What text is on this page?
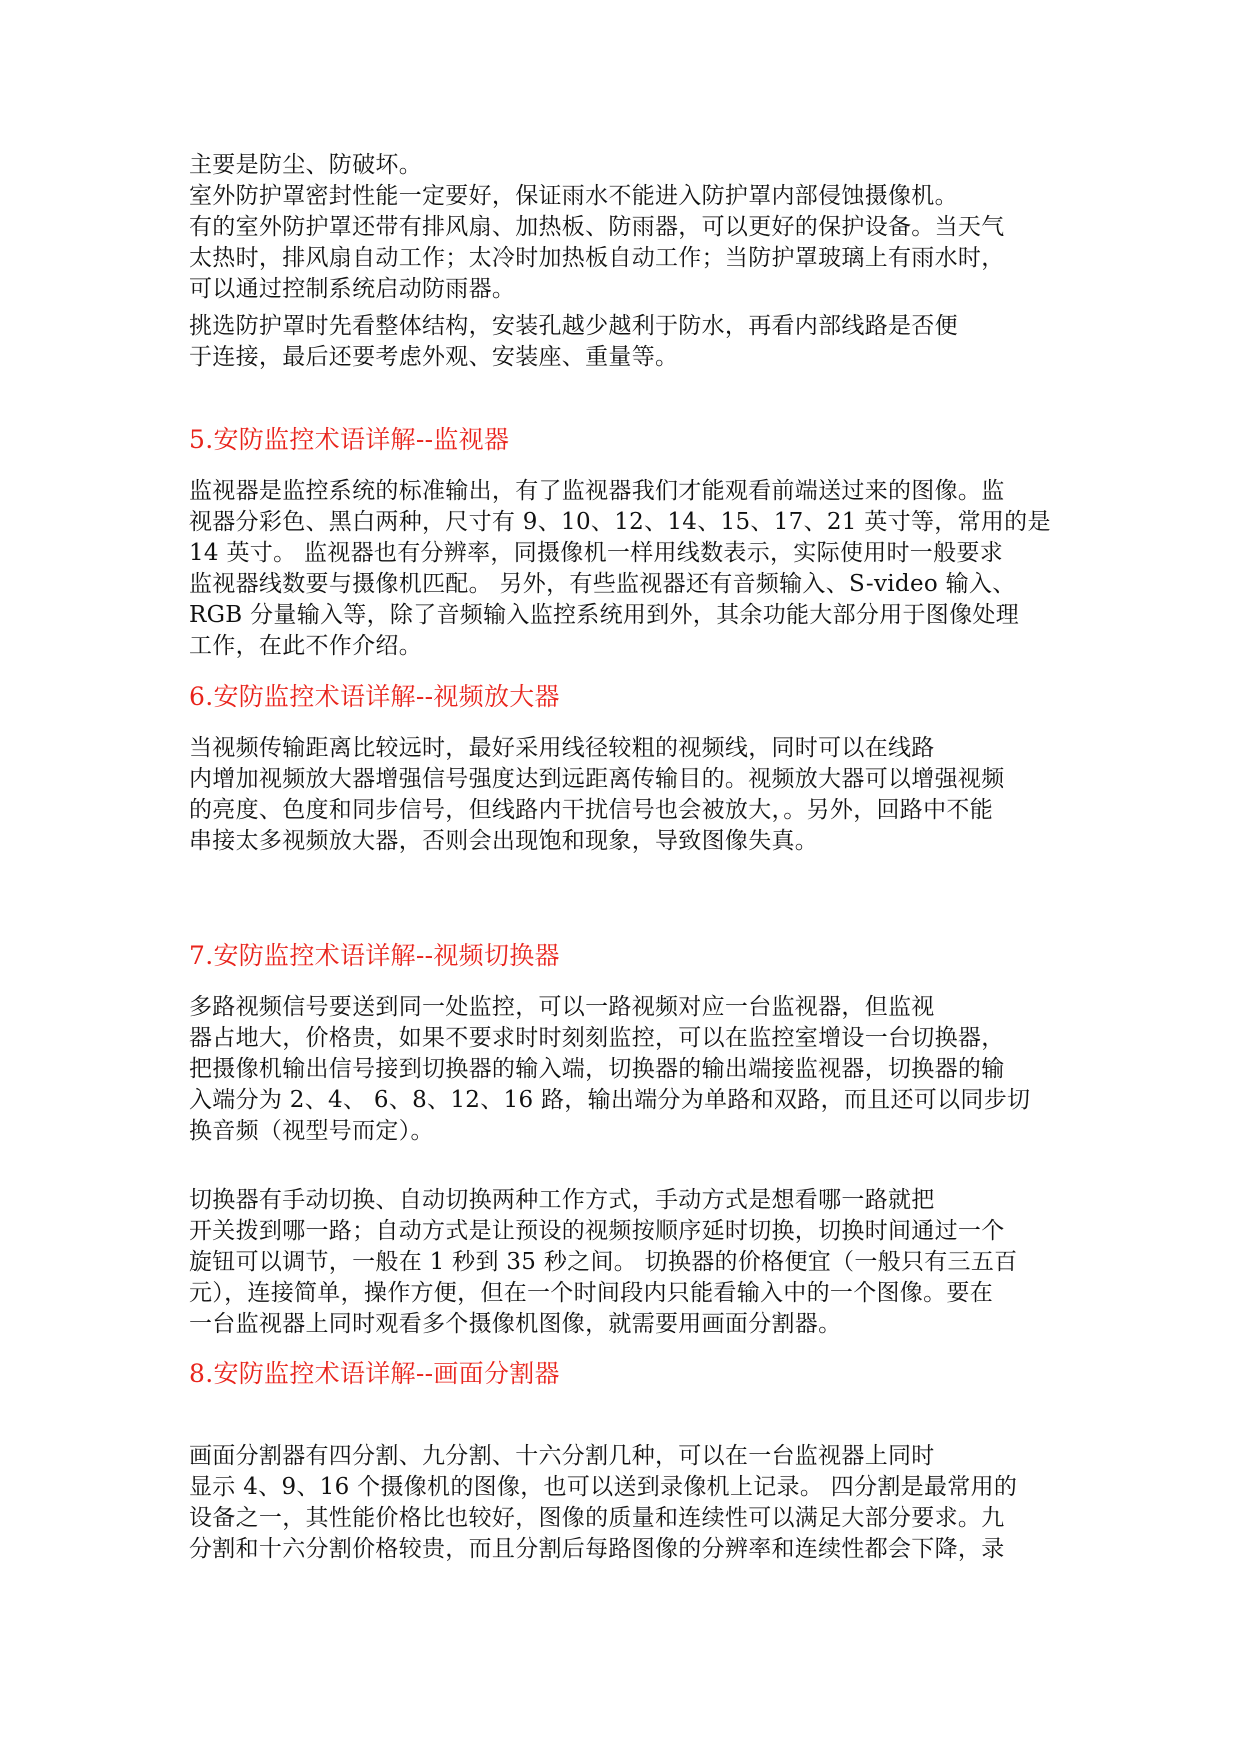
主要是防尘、防破坏。
室外防护罩密封性能一定要好，保证雨水不能进入防护罩内部侵蚀摄像机。
有的室外防护罩还带有排风扇、加热板、防雨器，可以更好的保护设备。当天气
太热时，排风扇自动工作；太冷时加热板自动工作；当防护罩玻璃上有雨水时，
可以通过控制系统启动防雨器。
挑选防护罩时先看整体结构，安装孔越少越利于防水，再看内部线路是否便
于连接，最后还要考虑外观、安装座、重量等。
5.安防监控术语详解--监视器
监视器是监控系统的标准输出，有了监视器我们才能观看前端送过来的图像。监
视器分彩色、黑白两种，尺寸有 9、10、12、14、15、17、21 英寸等，常用的是
14 英寸。 监视器也有分辨率，同摄像机一样用线数表示，实际使用时一般要求
监视器线数要与摄像机匹配。 另外，有些监视器还有音频输入、S-video 输入、
RGB 分量输入等，除了音频输入监控系统用到外，其余功能大部分用于图像处理
工作，在此不作介绍。
6.安防监控术语详解--视频放大器
当视频传输距离比较远时，最好采用线径较粗的视频线，同时可以在线路
内增加视频放大器增强信号强度达到远距离传输目的。视频放大器可以增强视频
的亮度、色度和同步信号，但线路内干扰信号也会被放大，。另外，回路中不能
串接太多视频放大器，否则会出现饱和现象，导致图像失真。
7.安防监控术语详解--视频切换器
多路视频信号要送到同一处监控，可以一路视频对应一台监视器，但监视
器占地大，价格贵，如果不要求时时刻刻监控，可以在监控室增设一台切换器，
把摄像机输出信号接到切换器的输入端，切换器的输出端接监视器，切换器的输
入端分为 2、4、 6、8、12、16 路，输出端分为单路和双路，而且还可以同步切
换音频（视型号而定）。
切换器有手动切换、自动切换两种工作方式，手动方式是想看哪一路就把
开关拨到哪一路；自动方式是让预设的视频按顺序延时切换，切换时间通过一个
旋钮可以调节，一般在 1 秒到 35 秒之间。 切换器的价格便宜（一般只有三五百
元），连接简单，操作方便，但在一个时间段内只能看输入中的一个图像。要在
一台监视器上同时观看多个摄像机图像，就需要用画面分割器。
8.安防监控术语详解--画面分割器
画面分割器有四分割、九分割、十六分割几种，可以在一台监视器上同时
显示 4、9、16 个摄像机的图像，也可以送到录像机上记录。 四分割是最常用的
设备之一，其性能价格比也较好，图像的质量和连续性可以满足大部分要求。九
分割和十六分割价格较贵，而且分割后每路图像的分辨率和连续性都会下降，录
